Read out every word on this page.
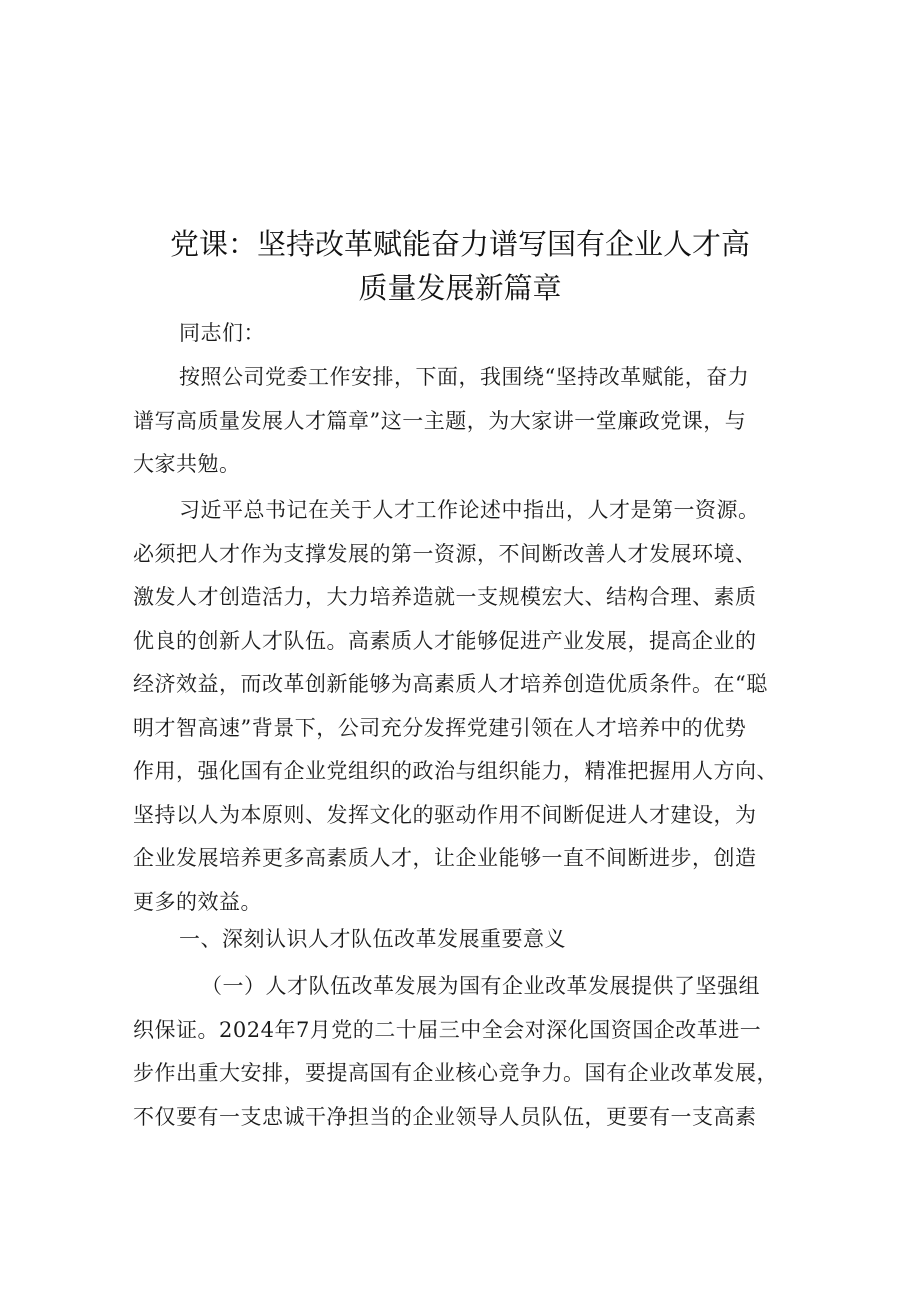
党课：坚持改革赋能奋力谱写国有企业人才高
质量发展新篇章
同志们：
按照公司党委工作安排，下面，我围绕“坚持改革赋能，奋力
谱写高质量发展人才篇章”这一主题，为大家讲一堂廉政党课，与
大家共勉。
习近平总书记在关于人才工作论述中指出，人才是第一资源。
必须把人才作为支撑发展的第一资源，不间断改善人才发展环境、
激发人才创造活力，大力培养造就一支规模宏大、结构合理、素质
优良的创新人才队伍。高素质人才能够促进产业发展，提高企业的
经济效益，而改革创新能够为高素质人才培养创造优质条件。在“聪
明才智高速”背景下，公司充分发挥党建引领在人才培养中的优势
作用，强化国有企业党组织的政治与组织能力，精准把握用人方向、
坚持以人为本原则、发挥文化的驱动作用不间断促进人才建设，为
企业发展培养更多高素质人才，让企业能够一直不间断进步，创造
更多的效益。
一、深刻认识人才队伍改革发展重要意义
（一）人才队伍改革发展为国有企业改革发展提供了坚强组
织保证。2024年7月党的二十届三中全会对深化国资国企改革进一
步作出重大安排，要提高国有企业核心竞争力。国有企业改革发展，
不仅要有一支忠诚干净担当的企业领导人员队伍，更要有一支高素
